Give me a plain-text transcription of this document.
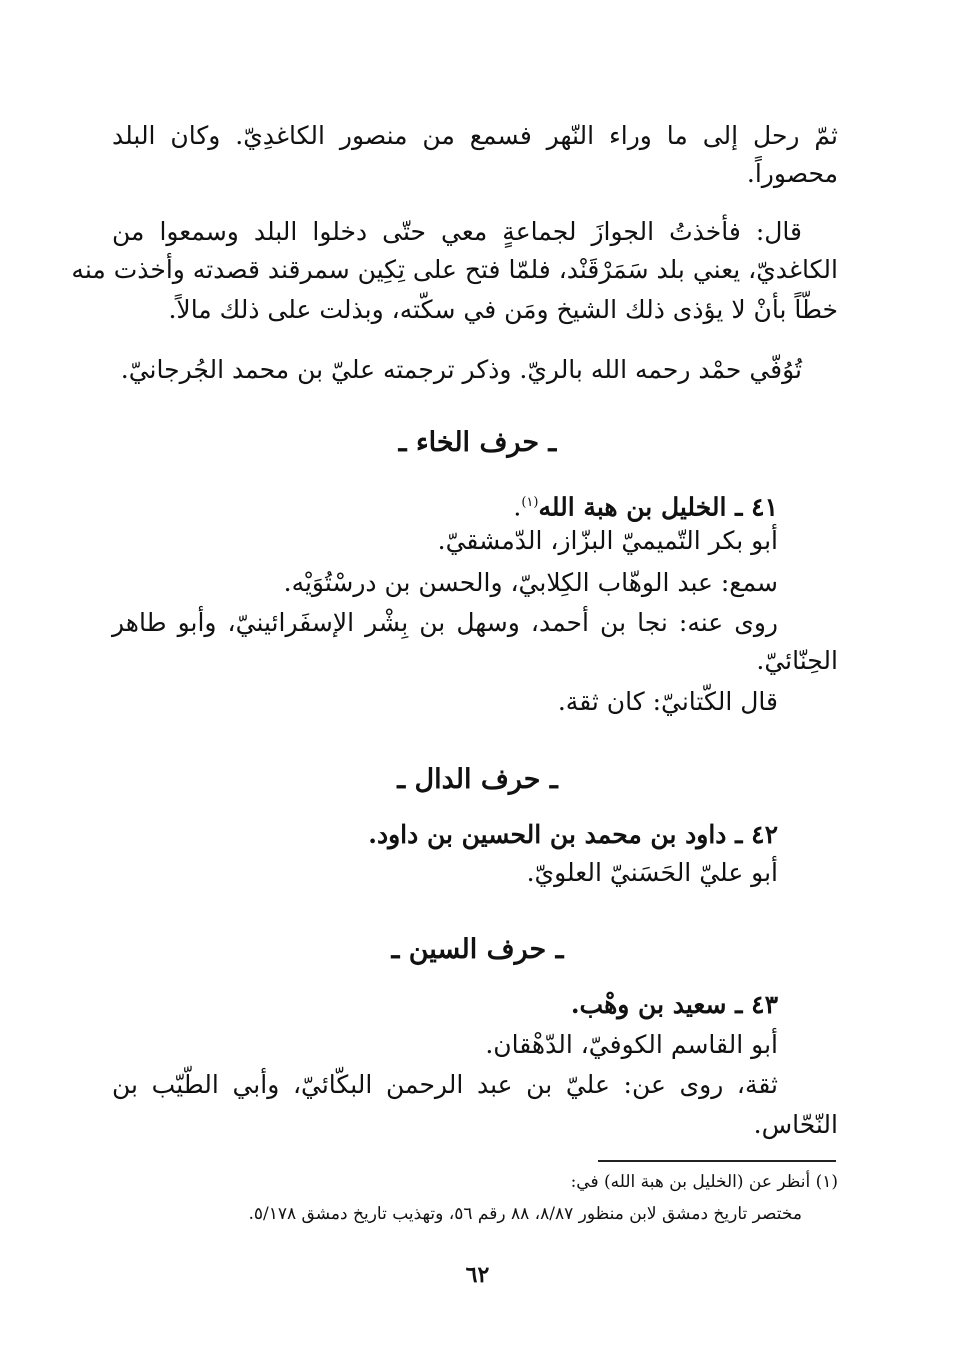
ثمّ رحل إلى ما وراء النّهر فسمع من منصور الكاغدِيّ. وكان البلد
محصوراً.
قال: فأخذتُ الجوازَ لجماعةٍ معي حتّى دخلوا البلد وسمعوا من
الكاغديّ، يعني بلد سَمَرْقَنْد، فلمّا فتح على تِكِين سمرقند قصدته وأخذت منه
خطّاً بأنْ لا يؤذى ذلك الشيخ ومَن في سكّته، وبذلت على ذلك مالاً.
تُوُفّي حمْد رحمه الله بالريّ. وذكر ترجمته عليّ بن محمد الجُرجانيّ.
ـ حرف الخاء ـ
٤١ ـ الخليل بن هبة الله$^{(١)}$.
أبو بكر التّميميّ البزّاز، الدّمشقيّ.
سمع: عبد الوهّاب الكِلابيّ، والحسن بن درسْتُوَيْه.
روى عنه: نجا بن أحمد، وسهل بن بِشْر الإسفَرائينيّ، وأبو طاهر
الحِنّائيّ.
قال الكّتانيّ: كان ثقة.
ـ حرف الدال ـ
٤٢ ـ داود بن محمد بن الحسين بن داود.
أبو عليّ الحَسَنيّ العلويّ.
ـ حرف السين ـ
٤٣ ـ سعيد بن وهْب.
أبو القاسم الكوفيّ، الدّهْقان.
ثقة، روى عن: عليّ بن عبد الرحمن البكّائيّ، وأبي الطّيّب بن
النّحّاس.
(١) أنظر عن (الخليل بن هبة الله) في:
مختصر تاريخ دمشق لابن منظور ٨/٨٧، ٨٨ رقم ٥٦، وتهذيب تاريخ دمشق ٥/١٧٨.
٦٢
